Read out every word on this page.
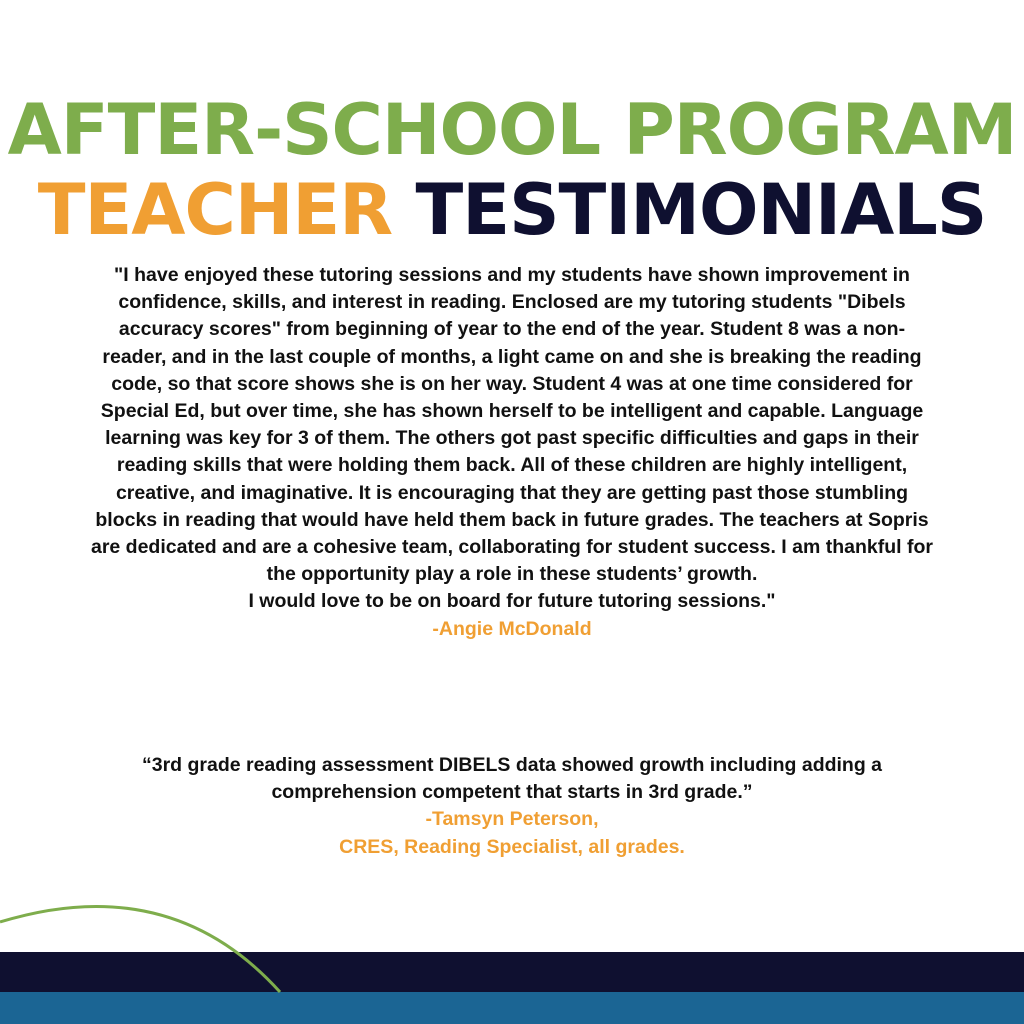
AFTER-SCHOOL PROGRAM
TEACHER TESTIMONIALS
"I have enjoyed these tutoring sessions and my students have shown improvement in confidence, skills, and interest in reading. Enclosed are my tutoring students "Dibels accuracy scores" from beginning of year to the end of the year. Student 8 was a non- reader, and in the last couple of months, a light came on and she is breaking the reading code, so that score shows she is on her way. Student 4 was at one time considered for Special Ed, but over time, she has shown herself to be intelligent and capable. Language learning was key for 3 of them. The others got past specific difficulties and gaps in their reading skills that were holding them back. All of these children are highly intelligent, creative, and imaginative. It is encouraging that they are getting past those stumbling blocks in reading that would have held them back in future grades. The teachers at Sopris are dedicated and are a cohesive team, collaborating for student success. I am thankful for the opportunity play a role in these students’ growth.
I would love to be on board for future tutoring sessions."
-Angie McDonald
“3rd grade reading assessment DIBELS data showed growth including adding a comprehension competent that starts in 3rd grade.”
-Tamsyn Peterson,
CRES, Reading Specialist, all grades.
